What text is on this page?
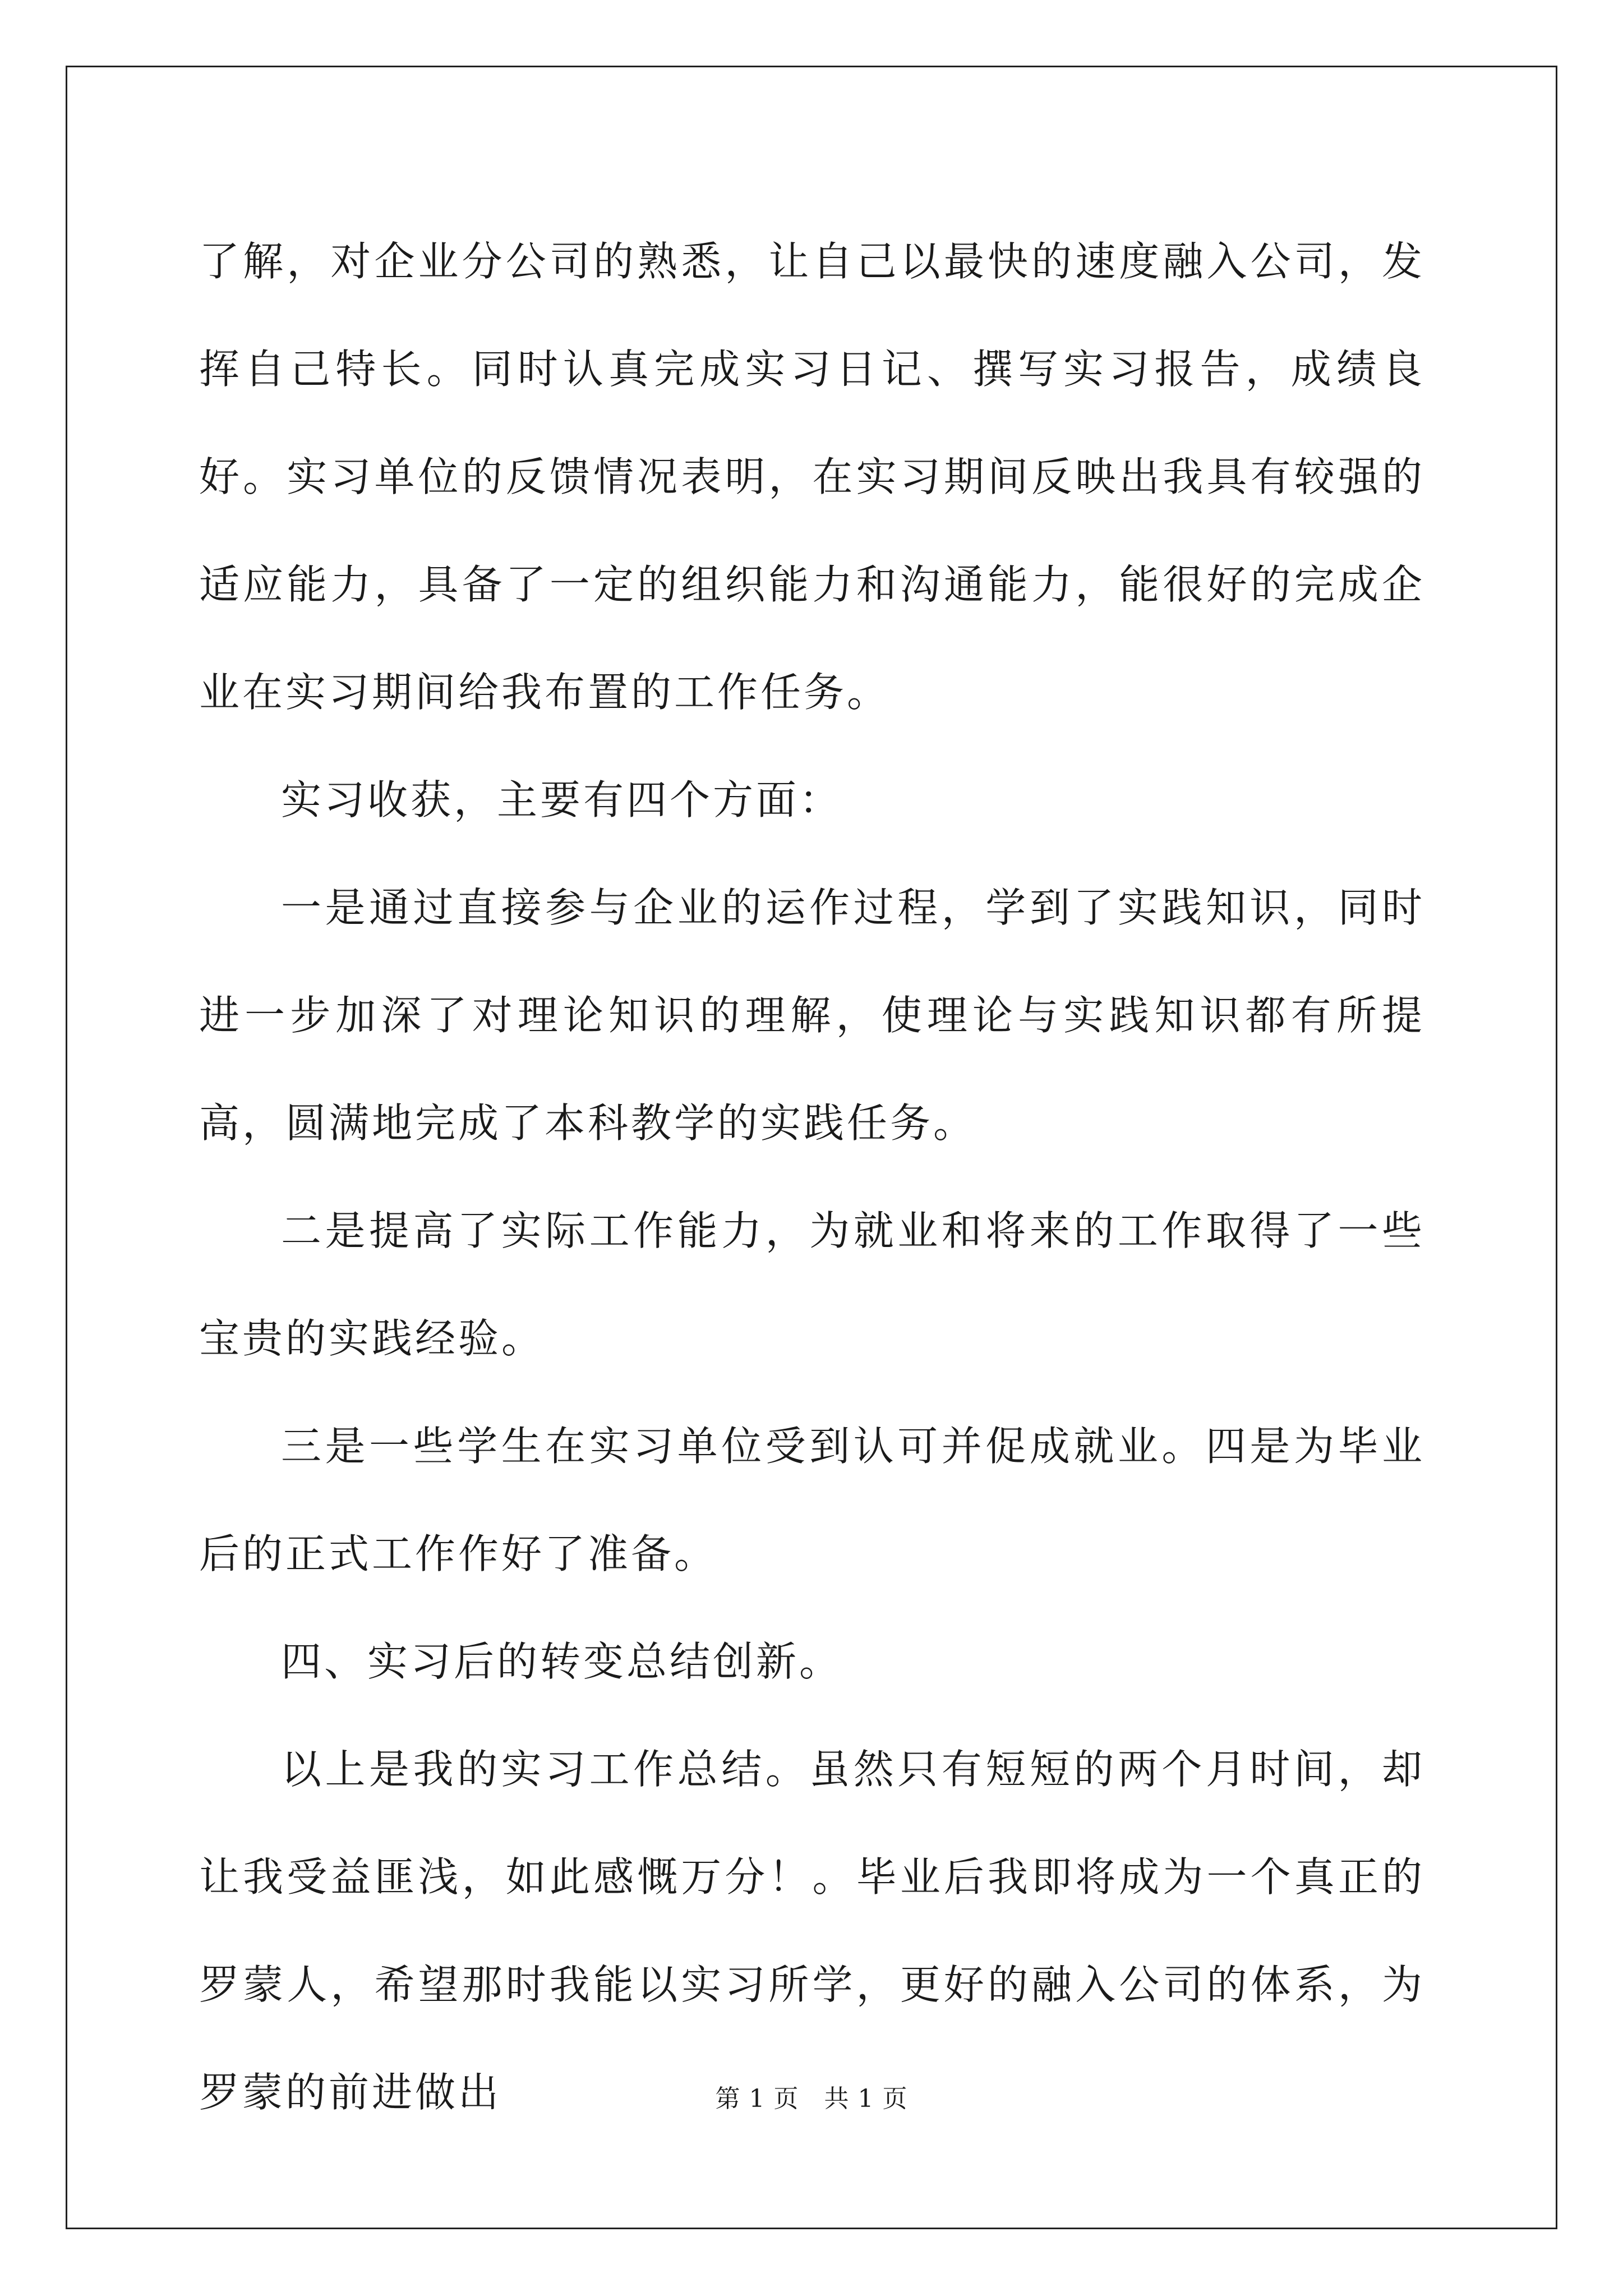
了解，对企业分公司的熟悉，让自己以最快的速度融入公司，发挥自己特长。同时认真完成实习日记、撰写实习报告，成绩良好。实习单位的反馈情况表明，在实习期间反映出我具有较强的适应能力，具备了一定的组织能力和沟通能力，能很好的完成企业在实习期间给我布置的工作任务。

实习收获，主要有四个方面：

一是通过直接参与企业的运作过程，学到了实践知识，同时进一步加深了对理论知识的理解，使理论与实践知识都有所提高，圆满地完成了本科教学的实践任务。

二是提高了实际工作能力，为就业和将来的工作取得了一些宝贵的实践经验。

三是一些学生在实习单位受到认可并促成就业。四是为毕业后的正式工作作好了准备。

四、实习后的转变总结创新。

以上是我的实习工作总结。虽然只有短短的两个月时间，却让我受益匪浅，如此感慨万分！。毕业后我即将成为一个真正的罗蒙人，希望那时我能以实习所学，更好的融入公司的体系，为罗蒙的前进做出	第 1 页　共 1 页
